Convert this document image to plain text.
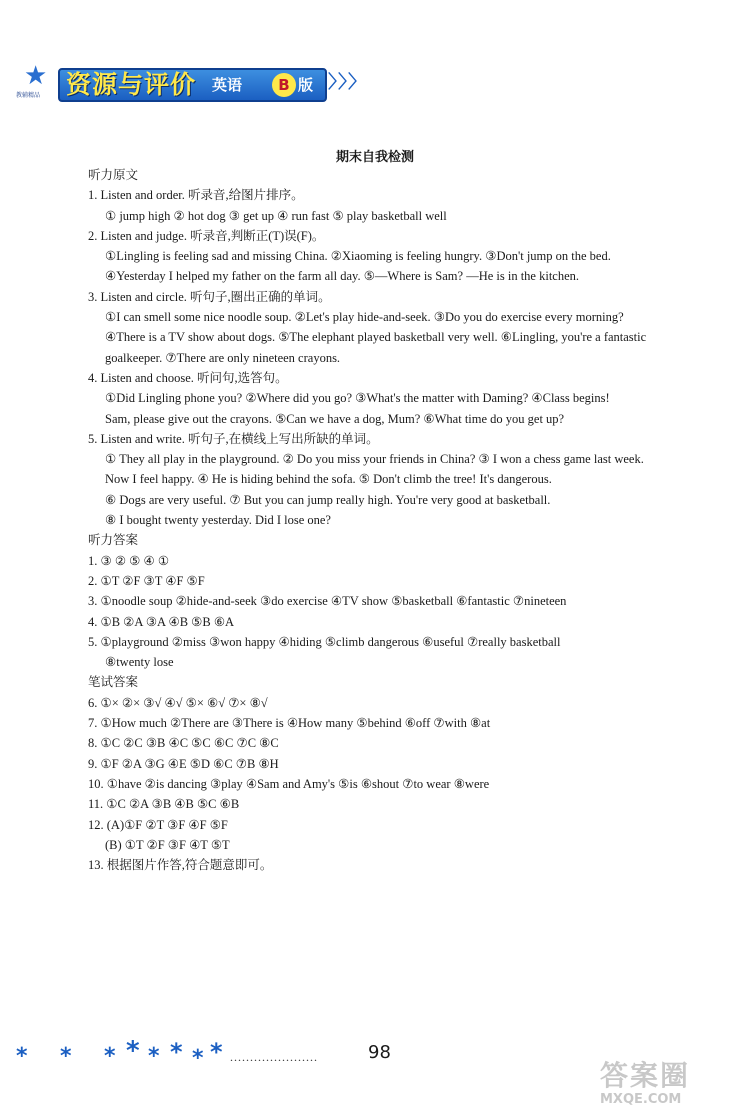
★
教辅精品 资源与评价 英语	B 版 〉〉〉
期末自我检测
听力原文
1. Listen and order. 听录音,给图片排序。
① jump high ② hot dog ③ get up ④ run fast ⑤ play basketball well
2. Listen and judge. 听录音,判断正(T)误(F)。
①Lingling is feeling sad and missing China. ②Xiaoming is feeling hungry. ③Don't jump on the bed.
④Yesterday I helped my father on the farm all day. ⑤—Where is Sam? —He is in the kitchen.
3. Listen and circle. 听句子,圈出正确的单词。
①I can smell some nice noodle soup. ②Let's play hide-and-seek. ③Do you do exercise every morning?
④There is a TV show about dogs. ⑤The elephant played basketball very well. ⑥Lingling, you're a fantastic
goalkeeper. ⑦There are only nineteen crayons.
4. Listen and choose. 听问句,选答句。
①Did Lingling phone you? ②Where did you go? ③What's the matter with Daming? ④Class begins!
Sam, please give out the crayons. ⑤Can we have a dog, Mum? ⑥What time do you get up?
5. Listen and write. 听句子,在横线上写出所缺的单词。
① They all play in the playground. ② Do you miss your friends in China? ③ I won a chess game last week.
Now I feel happy. ④ He is hiding behind the sofa. ⑤ Don't climb the tree! It's dangerous.
⑥ Dogs are very useful. ⑦ But you can jump really high. You're very good at basketball.
⑧ I bought twenty yesterday. Did I lose one?
听力答案
1. ③ ② ⑤ ④ ①
2. ①T ②F ③T ④F ⑤F
3. ①noodle soup ②hide-and-seek ③do exercise ④TV show ⑤basketball ⑥fantastic ⑦nineteen
4. ①B ②A ③A ④B ⑤B ⑥A
5. ①playground ②miss ③won happy ④hiding ⑤climb dangerous ⑥useful ⑦really basketball
⑧twenty lose
笔试答案
6. ①× ②× ③√ ④√ ⑤× ⑥√ ⑦× ⑧√
7. ①How much ②There are ③There is ④How many ⑤behind ⑥off ⑦with ⑧at
8. ①C ②C ③B ④C ⑤C ⑥C ⑦C ⑧C
9. ①F ②A ③G ④E ⑤D ⑥C ⑦B ⑧H
10. ①have ②is dancing ③play ④Sam and Amy's ⑤is ⑥shout ⑦to wear ⑧were
11. ①C ②A ③B ④B ⑤C ⑥B
12. (A)①F ②T ③F ④F ⑤F
(B) ①T ②F ③F ④T ⑤T
13. 根据图片作答,符合题意即可。
* * * * * * * * ......................	98
答案圈
MXQE.COM
